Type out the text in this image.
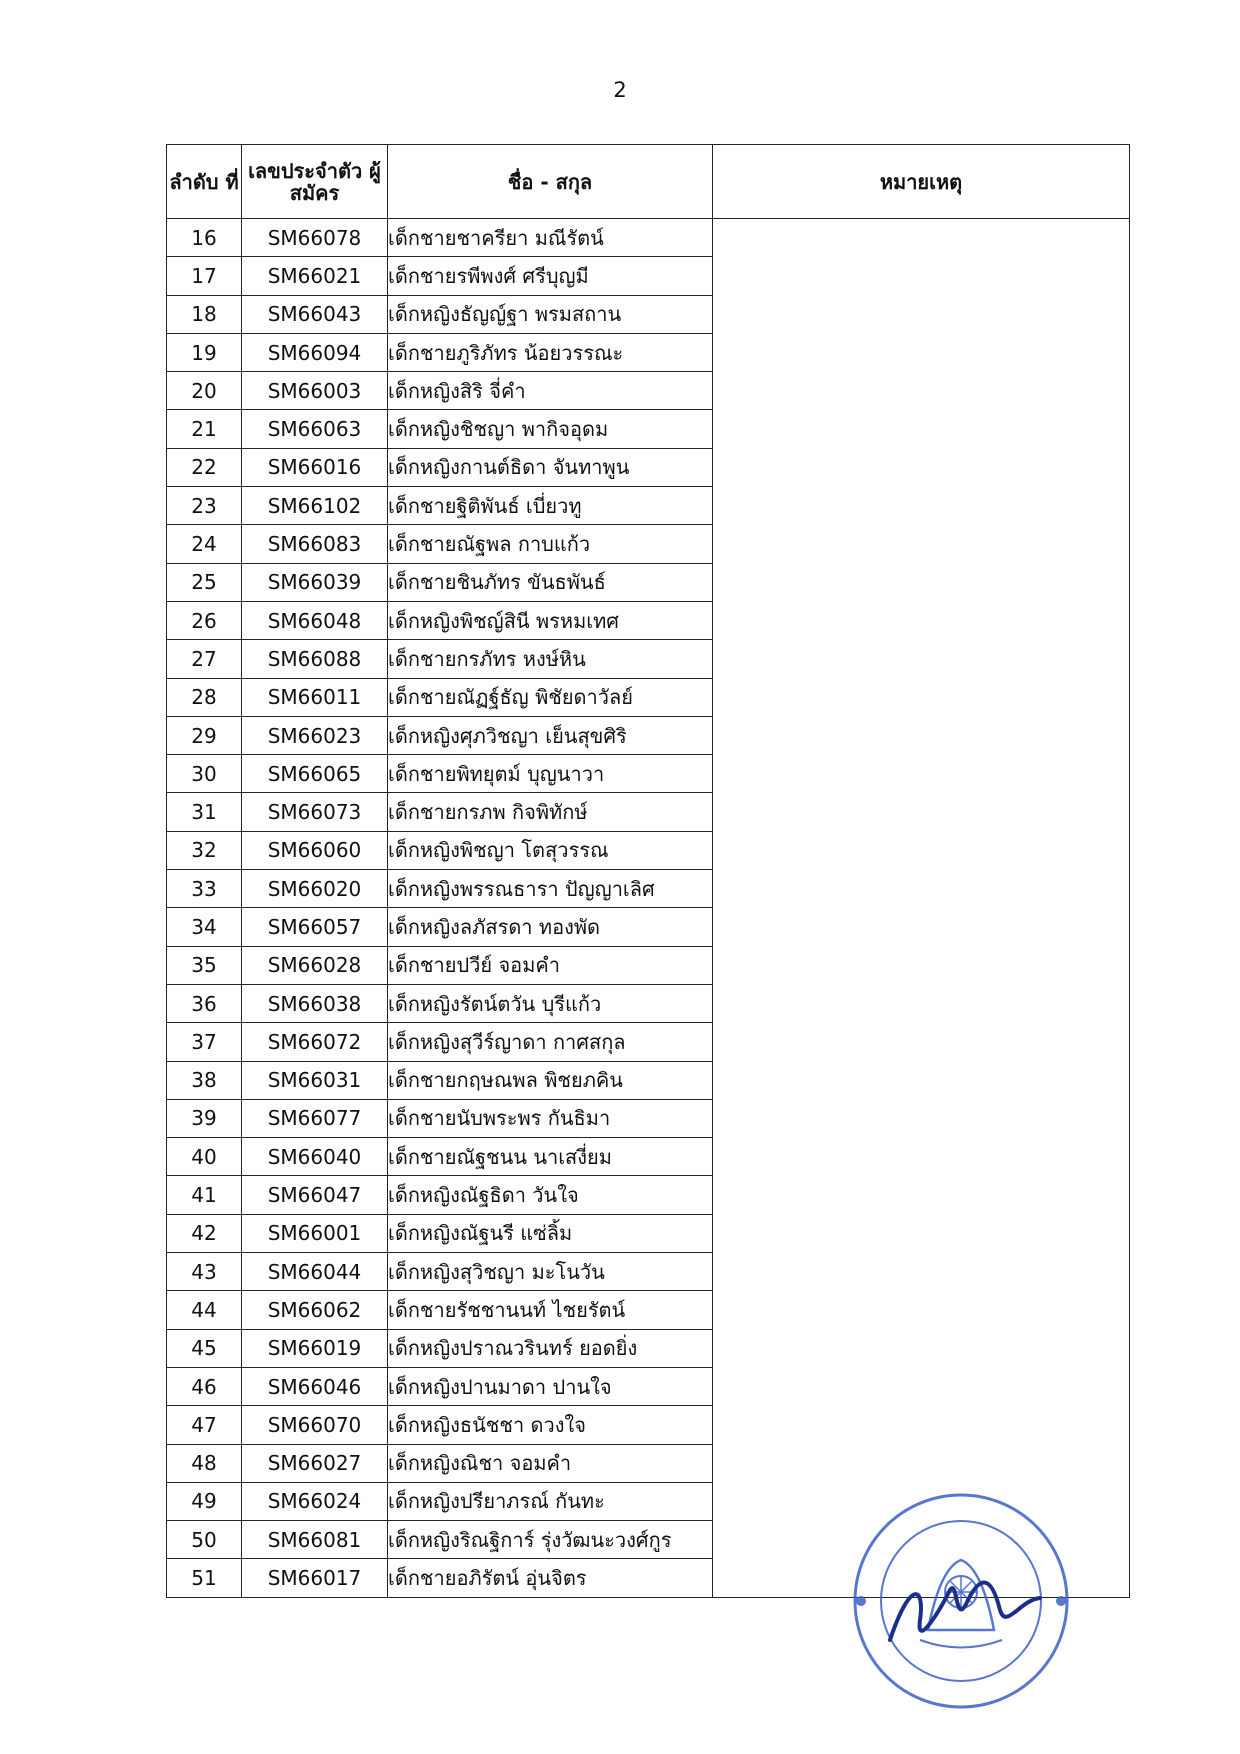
2
ลำดับ ที่	เลขประจำตัว ผู้สมัคร	ชื่อ - สกุล	หมายเหตุ
16	SM66078	เด็กชายชาครียา มณีรัตน์	
17	SM66021	เด็กชายรพีพงศ์ ศรีบุญมี	
18	SM66043	เด็กหญิงธัญญ์ฐา พรมสถาน	
19	SM66094	เด็กชายภูริภัทร น้อยวรรณะ	
20	SM66003	เด็กหญิงสิริ จี่คำ	
21	SM66063	เด็กหญิงชิชญา พากิจอุดม	
22	SM66016	เด็กหญิงกานต์ธิดา จันทาพูน	
23	SM66102	เด็กชายฐิติพันธ์ เบี่ยวทู	
24	SM66083	เด็กชายณัฐพล กาบแก้ว	
25	SM66039	เด็กชายชินภัทร ขันธพันธ์	
26	SM66048	เด็กหญิงพิชญ์สินี พรหมเทศ	
27	SM66088	เด็กชายกรภัทร หงษ์หิน	
28	SM66011	เด็กชายณัฏฐ์ธัญ พิชัยดาวัลย์	
29	SM66023	เด็กหญิงศุภวิชญา เย็นสุขศิริ	
30	SM66065	เด็กชายพิทยุตม์ บุญนาวา	
31	SM66073	เด็กชายกรภพ กิจพิทักษ์	
32	SM66060	เด็กหญิงพิชญา โตสุวรรณ	
33	SM66020	เด็กหญิงพรรณธารา ปัญญาเลิศ	
34	SM66057	เด็กหญิงลภัสรดา ทองพัด	
35	SM66028	เด็กชายปวีย์ จอมคำ	
36	SM66038	เด็กหญิงรัตน์ตวัน บุรีแก้ว	
37	SM66072	เด็กหญิงสุวีร์ญาดา กาศสกุล	
38	SM66031	เด็กชายกฤษณพล พิชยภคิน	
39	SM66077	เด็กชายนับพระพร กันธิมา	
40	SM66040	เด็กชายณัฐชนน นาเสงี่ยม	
41	SM66047	เด็กหญิงณัฐธิดา วันใจ	
42	SM66001	เด็กหญิงณัฐนรี แซ่ลิ้ม	
43	SM66044	เด็กหญิงสุวิชญา มะโนวัน	
44	SM66062	เด็กชายรัชชานนท์ ไชยรัตน์	
45	SM66019	เด็กหญิงปราณวรินทร์ ยอดยิ่ง	
46	SM66046	เด็กหญิงปานมาดา ปานใจ	
47	SM66070	เด็กหญิงธนัชชา ดวงใจ	
48	SM66027	เด็กหญิงณิชา จอมคำ	
49	SM66024	เด็กหญิงปรียาภรณ์ กันทะ	
50	SM66081	เด็กหญิงริณฐิการ์ รุ่งวัฒนะวงศ์กูร	
51	SM66017	เด็กชายอภิรัตน์ อุ่นจิตร	
